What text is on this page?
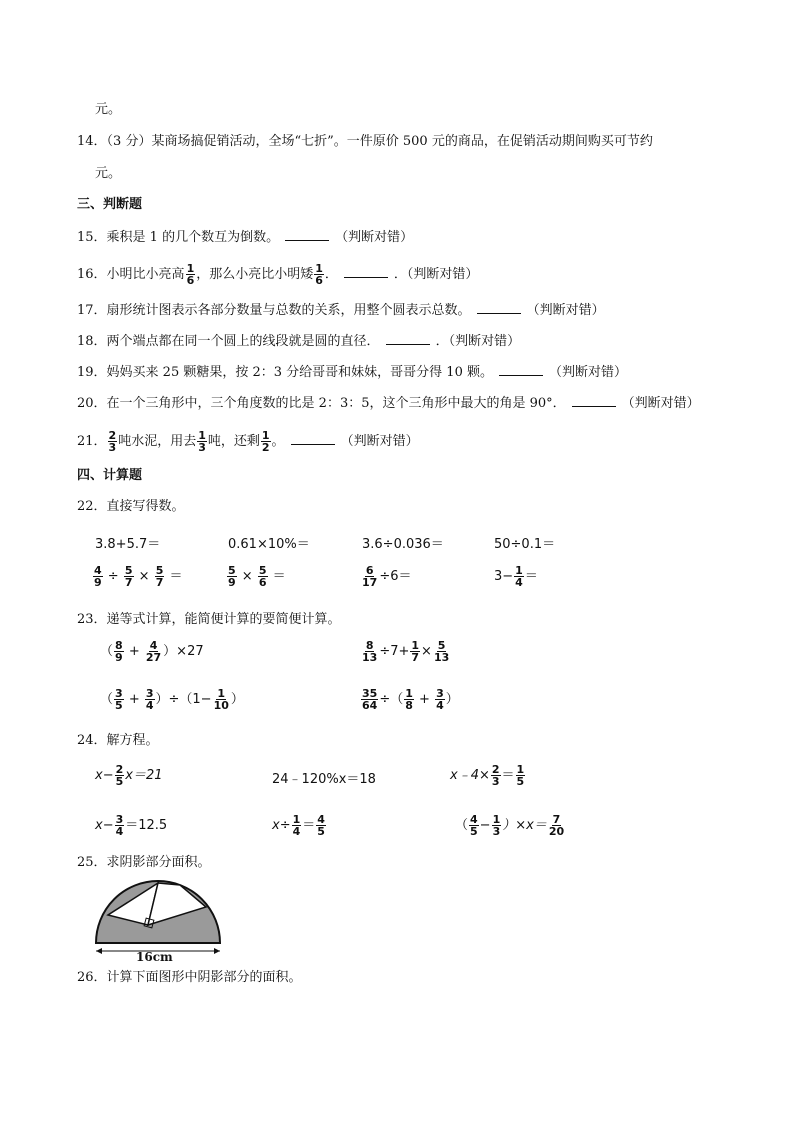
元。
14．（3 分）某商场搞促销活动，全场“七折”。一件原价 500 元的商品，在促销活动期间购买可节约
元。
三、判断题
15．乘积是 1 的几个数互为倒数。	（判断对错）
16．小明比小亮高 $\frac{1}{6}$ ，那么小亮比小明矮 $\frac{1}{6}$ ．	．（判断对错）
17．扇形统计图表示各部分数量与总数的关系，用整个圆表示总数。	（判断对错）
18．两个端点都在同一个圆上的线段就是圆的直径．	．（判断对错）
19．妈妈买来 25 颗糖果，按 2：3 分给哥哥和妹妹，哥哥分得 10 颗。	（判断对错）
20．在一个三角形中，三个角度数的比是 2：3：5，这个三角形中最大的角是 90°．	（判断对错）
21． $\frac{2}{3}$ 吨水泥，用去 $\frac{1}{3}$ 吨，还剩 $\frac{1}{2}$ 。	（判断对错）
四、计算题
22．直接写得数。
3.8+5.7＝	0.61×10%＝	3.6÷0.036＝	50÷0.1＝
$\frac{4}{9} \div \frac{5}{7} \times \frac{5}{7}$ ＝	$\frac{5}{9} \times \frac{5}{6}$ ＝	$\frac{6}{17} \div 6=$	$3- \frac{1}{4}$ ＝
23．递等式计算，能简便计算的要简便计算。
（ $\frac{8}{9} + \frac{4}{27} )\times 27$	$\frac{8}{13} \div 7+ \frac{1}{7} \times \frac{5}{13}$
（ $\frac{3}{5} + \frac{3}{4} )\div(1- \frac{1}{10}$ ）	$\frac{35}{64}$ ÷（ $\frac{1}{8} + \frac{3}{4}$ ）
24．解方程。
$x- \frac{2}{5} x=21$	24﹣120%x＝18	x﹣4× $\frac{2}{3} = \frac{1}{5}$
$x- \frac{3}{4} =12.5$	$x\div \frac{1}{4} = \frac{4}{5}$	（ $\frac{4}{5} - \frac{1}{3} )\times x= \frac{7}{20}$
25．求阴影部分面积。
16cm
26．计算下面图形中阴影部分的面积。
